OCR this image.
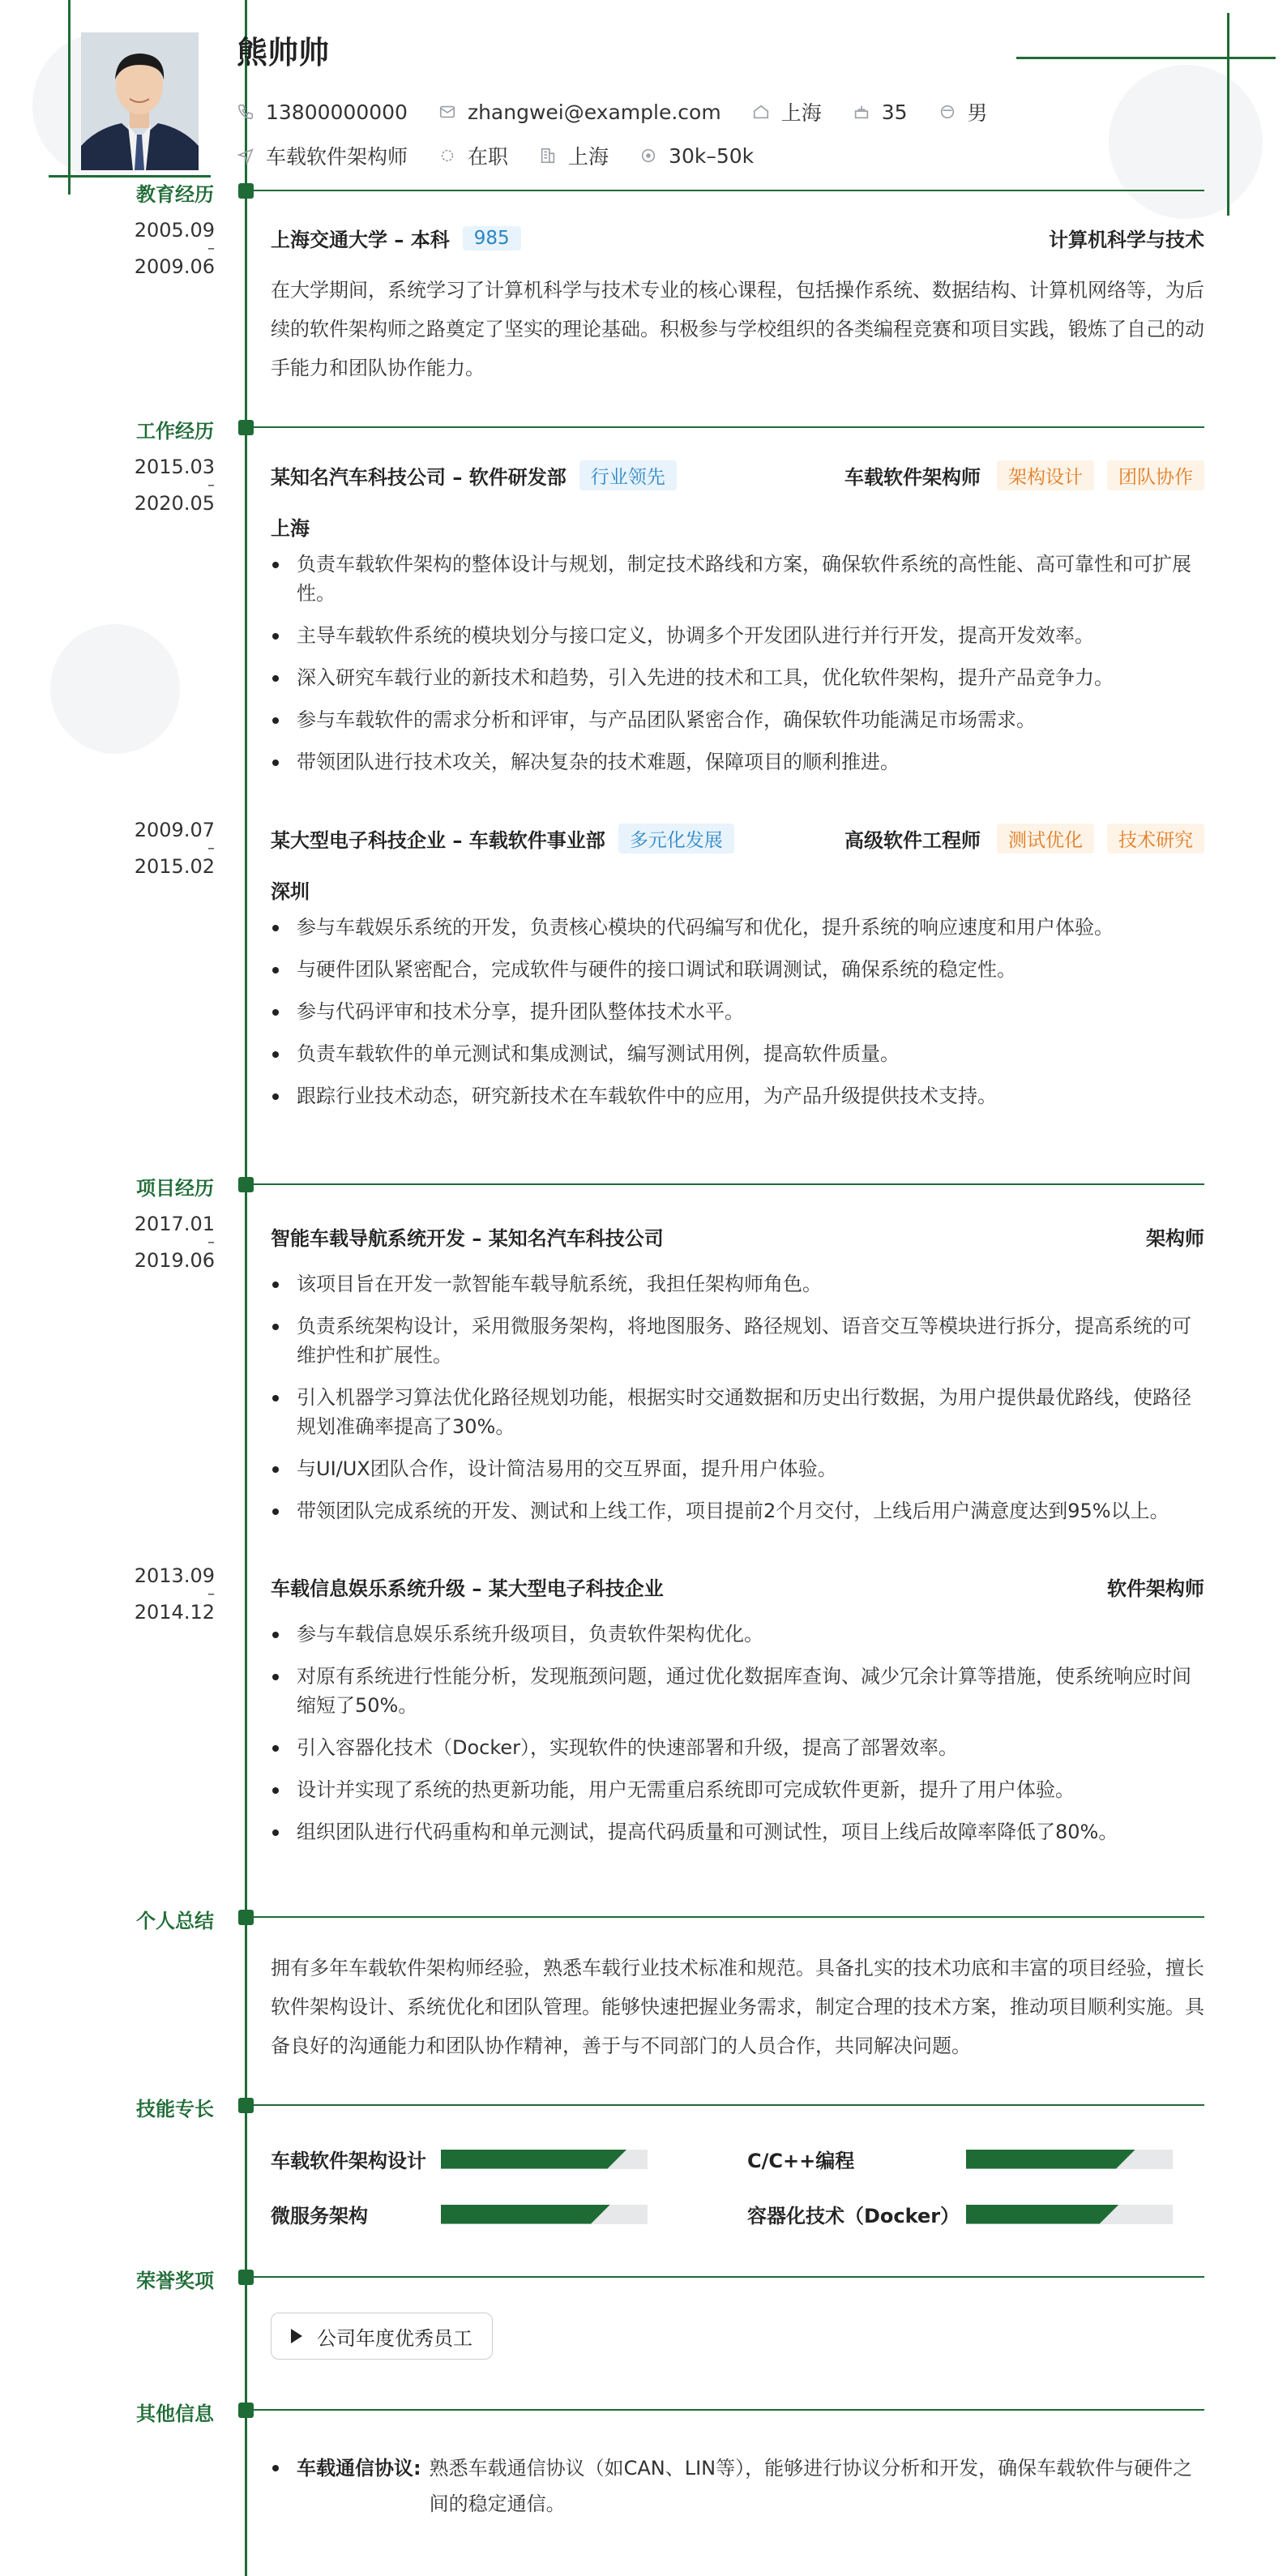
熊帅帅
13800000000	zhangwei@example.com	上海	35	男
车载软件架构师	在职	上海	30k–50k
教育经历
2005.09
–
2009.06
上海交通大学 – 本科	985	计算机科学与技术
在大学期间，系统学习了计算机科学与技术专业的核心课程，包括操作系统、数据结构、计算机网络等，为后续的软件架构师之路奠定了坚实的理论基础。积极参与学校组织的各类编程竞赛和项目实践，锻炼了自己的动手能力和团队协作能力。
工作经历
2015.03
–
2020.05
某知名汽车科技公司 – 软件研发部	行业领先	车载软件架构师	架构设计	团队协作
上海
负责车载软件架构的整体设计与规划，制定技术路线和方案，确保软件系统的高性能、高可靠性和可扩展性。
主导车载软件系统的模块划分与接口定义，协调多个开发团队进行并行开发，提高开发效率。
深入研究车载行业的新技术和趋势，引入先进的技术和工具，优化软件架构，提升产品竞争力。
参与车载软件的需求分析和评审，与产品团队紧密合作，确保软件功能满足市场需求。
带领团队进行技术攻关，解决复杂的技术难题，保障项目的顺利推进。
2009.07
–
2015.02
某大型电子科技企业 – 车载软件事业部	多元化发展	高级软件工程师	测试优化	技术研究
深圳
参与车载娱乐系统的开发，负责核心模块的代码编写和优化，提升系统的响应速度和用户体验。
与硬件团队紧密配合，完成软件与硬件的接口调试和联调测试，确保系统的稳定性。
参与代码评审和技术分享，提升团队整体技术水平。
负责车载软件的单元测试和集成测试，编写测试用例，提高软件质量。
跟踪行业技术动态，研究新技术在车载软件中的应用，为产品升级提供技术支持。
项目经历
2017.01
–
2019.06
智能车载导航系统开发 – 某知名汽车科技公司	架构师
该项目旨在开发一款智能车载导航系统，我担任架构师角色。
负责系统架构设计，采用微服务架构，将地图服务、路径规划、语音交互等模块进行拆分，提高系统的可维护性和扩展性。
引入机器学习算法优化路径规划功能，根据实时交通数据和历史出行数据，为用户提供最优路线，使路径规划准确率提高了30%。
与UI/UX团队合作，设计简洁易用的交互界面，提升用户体验。
带领团队完成系统的开发、测试和上线工作，项目提前2个月交付，上线后用户满意度达到95%以上。
2013.09
–
2014.12
车载信息娱乐系统升级 – 某大型电子科技企业	软件架构师
参与车载信息娱乐系统升级项目，负责软件架构优化。
对原有系统进行性能分析，发现瓶颈问题，通过优化数据库查询、减少冗余计算等措施，使系统响应时间缩短了50%。
引入容器化技术（Docker），实现软件的快速部署和升级，提高了部署效率。
设计并实现了系统的热更新功能，用户无需重启系统即可完成软件更新，提升了用户体验。
组织团队进行代码重构和单元测试，提高代码质量和可测试性，项目上线后故障率降低了80%。
个人总结
拥有多年车载软件架构师经验，熟悉车载行业技术标准和规范。具备扎实的技术功底和丰富的项目经验，擅长软件架构设计、系统优化和团队管理。能够快速把握业务需求，制定合理的技术方案，推动项目顺利实施。具备良好的沟通能力和团队协作精神，善于与不同部门的人员合作，共同解决问题。
技能专长
车载软件架构设计	C/C++编程
微服务架构	容器化技术（Docker）
荣誉奖项
公司年度优秀员工
其他信息
车载通信协议: 熟悉车载通信协议（如CAN、LIN等），能够进行协议分析和开发，确保车载软件与硬件之间的稳定通信。
